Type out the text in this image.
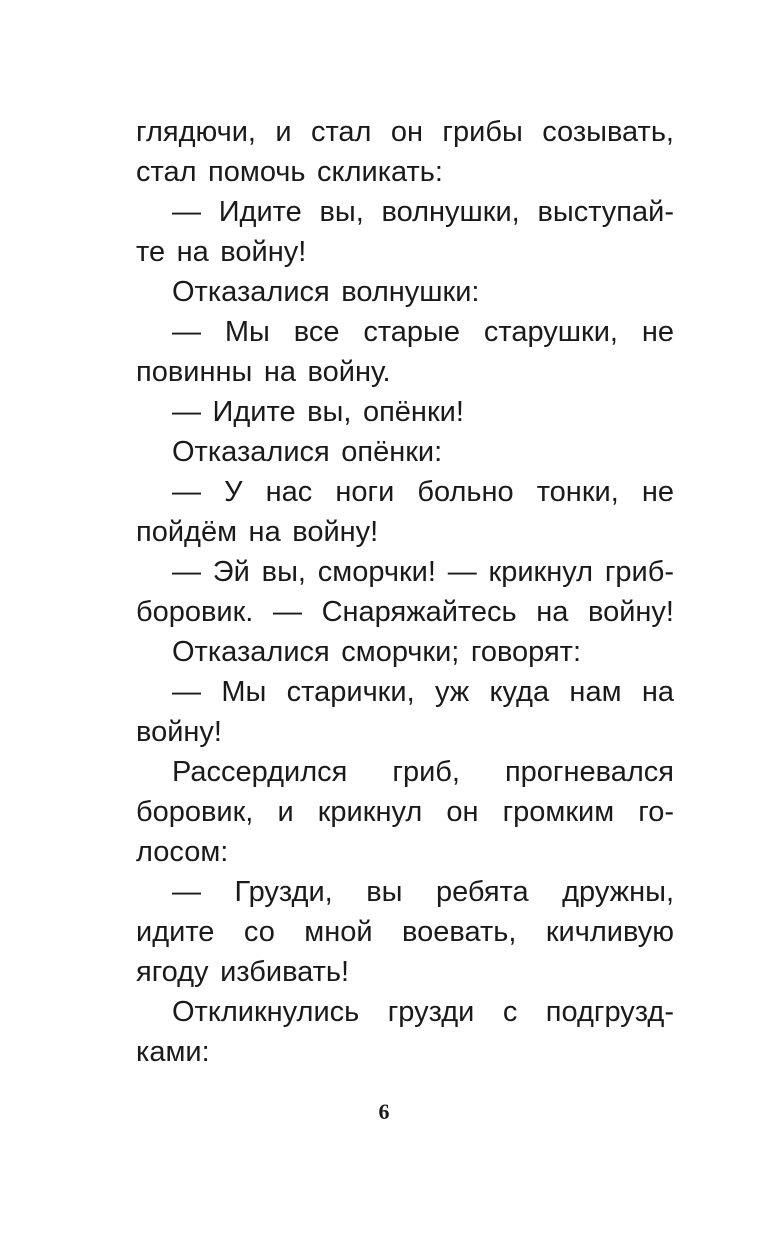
глядючи, и стал он грибы созывать,
стал помочь скликать:
— Идите вы, волнушки, выступай-
те на войну!
Отказалися волнушки:
— Мы все старые старушки, не
повинны на войну.
— Идите вы, опёнки!
Отказалися опёнки:
— У нас ноги больно тонки, не
пойдём на войну!
— Эй вы, сморчки! — крикнул гриб-
боровик. — Снаряжайтесь на войну!
Отказалися сморчки; говорят:
— Мы старички, уж куда нам на
войну!
Рассердился гриб, прогневался
боровик, и крикнул он громким го-
лосом:
— Грузди, вы ребята дружны,
идите со мной воевать, кичливую
ягоду избивать!
Откликнулись грузди с подгрузд-
ками:
6
